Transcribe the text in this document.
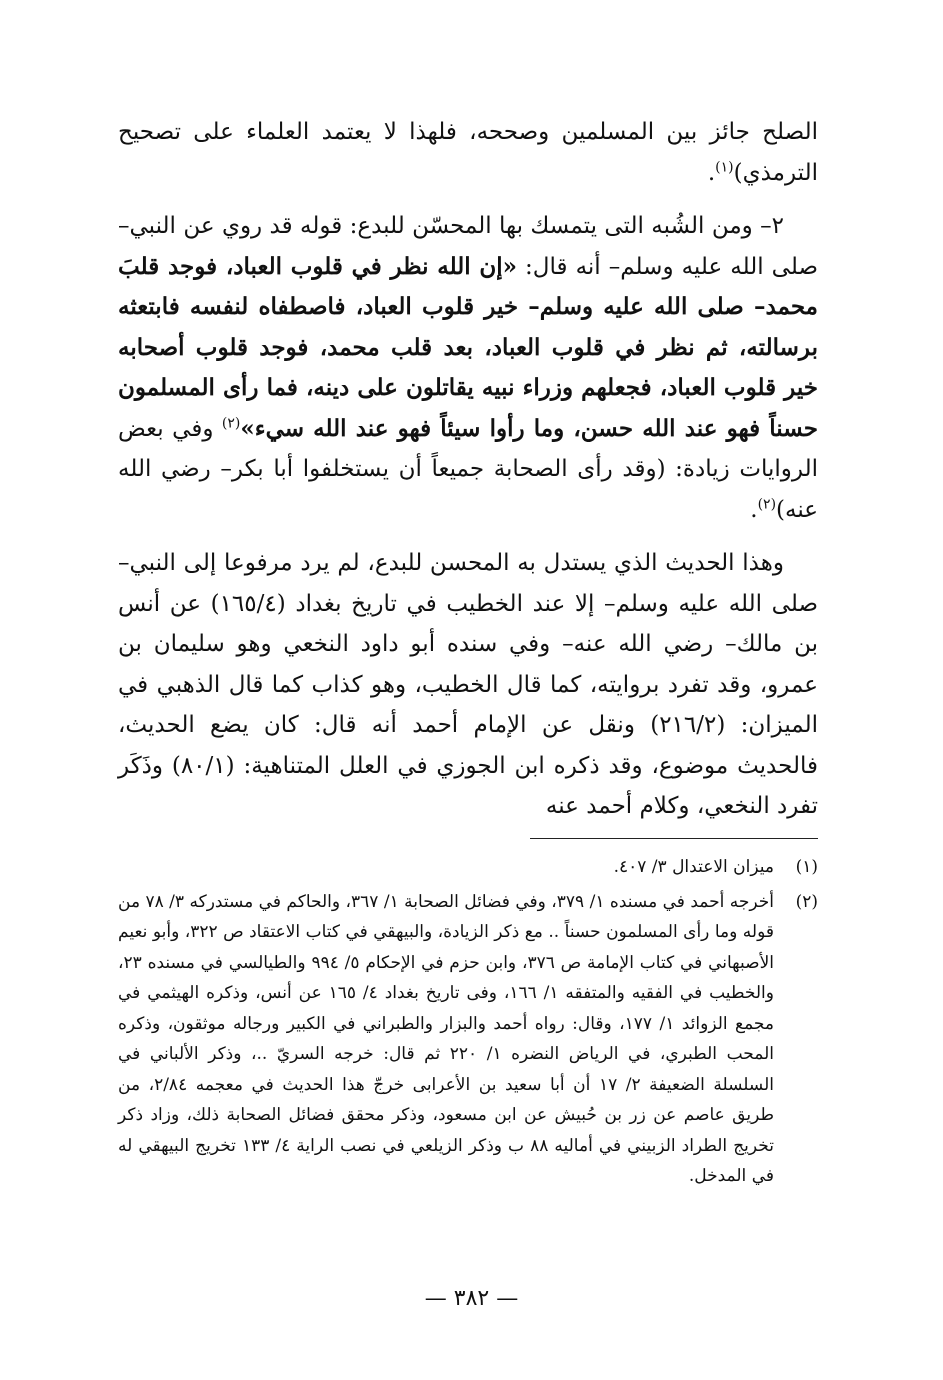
الصلح جائز بين المسلمين وصححه، فلهذا لا يعتمد العلماء على تصحيح الترمذي)$^{(١)}$.

٢– ومن الشُبه التى يتمسك بها المحسّن للبدع: قوله قد روي عن النبي– صلى الله عليه وسلم– أنه قال: «إن الله نظر في قلوب العباد، فوجد قلبَ محمد– صلى الله عليه وسلم– خير قلوب العباد، فاصطفاه لنفسه فابتعثه برسالته، ثم نظر في قلوب العباد، بعد قلب محمد، فوجد قلوب أصحابه خير قلوب العباد، فجعلهم وزراء نبيه يقاتلون على دينه، فما رأى المسلمون حسناً فهو عند الله حسن، وما رأوا سيئاً فهو عند الله سيء»$^{(٢)}$ وفي بعض الروايات زيادة: (وقد رأى الصحابة جميعاً أن يستخلفوا أبا بكر– رضي الله عنه)$^{(٢)}$.

وهذا الحديث الذي يستدل به المحسن للبدع، لم يرد مرفوعا إلى النبي– صلى الله عليه وسلم– إلا عند الخطيب في تاريخ بغداد (١٦٥/٤) عن أنس بن مالك– رضي الله عنه– وفي سنده أبو داود النخعي وهو سليمان بن عمرو، وقد تفرد بروايته، كما قال الخطيب، وهو كذاب كما قال الذهبي في الميزان: (٢١٦/٢) ونقل عن الإمام أحمد أنه قال: كان يضع الحديث، فالحديث موضوع، وقد ذكره ابن الجوزي في العلل المتناهية: (٨٠/١) وذَكَر تفرد النخعي، وكلام أحمد عنه

(١)
ميزان الاعتدال ٣/ ٤٠٧.
(٢)
أخرجه أحمد في مسنده ١/ ٣٧٩، وفي فضائل الصحابة ١/ ٣٦٧، والحاكم في مستدركه ٣/ ٧٨ من قوله وما رأى المسلمون حسناً .. مع ذكر الزيادة، والبيهقي في كتاب الاعتقاد ص ٣٢٢، وأبو نعيم الأصبهاني في كتاب الإمامة ص ٣٧٦، وابن حزم في الإحكام ٥/ ٩٩٤ والطيالسي في مسنده ٢٣، والخطيب في الفقيه والمتفقه ١/ ١٦٦، وفى تاريخ بغداد ٤/ ١٦٥ عن أنس، وذكره الهيثمي في مجمع الزوائد ١/ ١٧٧، وقال: رواه أحمد والبزار والطبراني في الكبير ورجاله موثقون، وذكره المحب الطبري، في الرياض النضره ١/ ٢٢٠ ثم قال: خرجه السريّ ..، وذكر الألباني في السلسلة الضعيفة ٢/ ١٧ أن أبا سعيد بن الأعرابى خرجّ هذا الحديث في معجمه ٢/٨٤، من طريق عاصم عن زر بن حُبيش عن ابن مسعود، وذكر محقق فضائل الصحابة ذلك، وزاد ذكر تخريج الطراد الزبيني في أماليه ٨٨ ب وذكر الزيلعي في نصب الراية ٤/ ١٣٣ تخريج البيهقي له في المدخل.
— ٣٨٢ —
